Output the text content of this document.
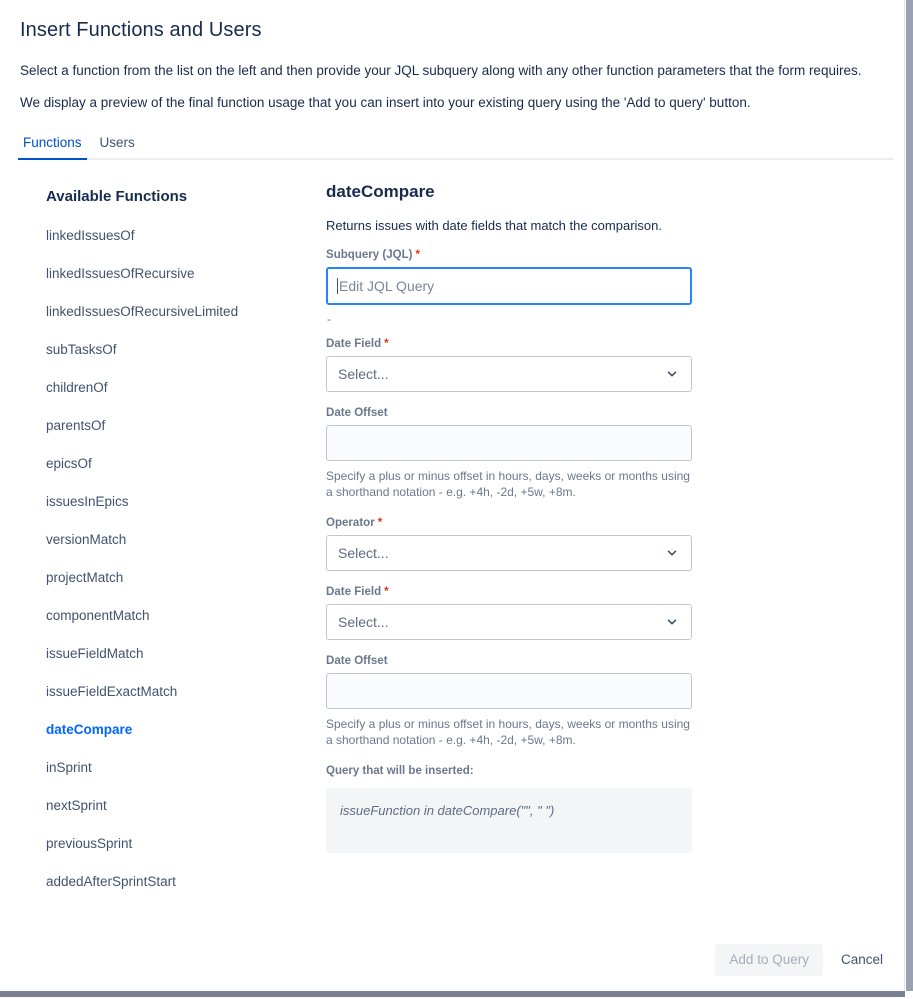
Insert Functions and Users

Select a function from the list on the left and then provide your JQL subquery along with any other function parameters that the form requires.

We display a preview of the final function usage that you can insert into your existing query using the 'Add to query' button.

Functions	Users
Available Functions
linkedIssuesOf
linkedIssuesOfRecursive
linkedIssuesOfRecursiveLimited
subTasksOf
childrenOf
parentsOf
epicsOf
issuesInEpics
versionMatch
projectMatch
componentMatch
issueFieldMatch
issueFieldExactMatch
dateCompare
inSprint
nextSprint
previousSprint
addedAfterSprintStart
dateCompare
Returns issues with date fields that match the comparison.
Subquery (JQL) *
Edit JQL Query
-
Date Field *
Select...
Date Offset
Specify a plus or minus offset in hours, days, weeks or months using a shorthand notation - e.g. +4h, -2d, +5w, +8m.
Operator *
Select...
Date Field *
Select...
Date Offset
Specify a plus or minus offset in hours, days, weeks or months using a shorthand notation - e.g. +4h, -2d, +5w, +8m.
Query that will be inserted:
issueFunction in dateCompare("", " ")
Add to Query	Cancel
